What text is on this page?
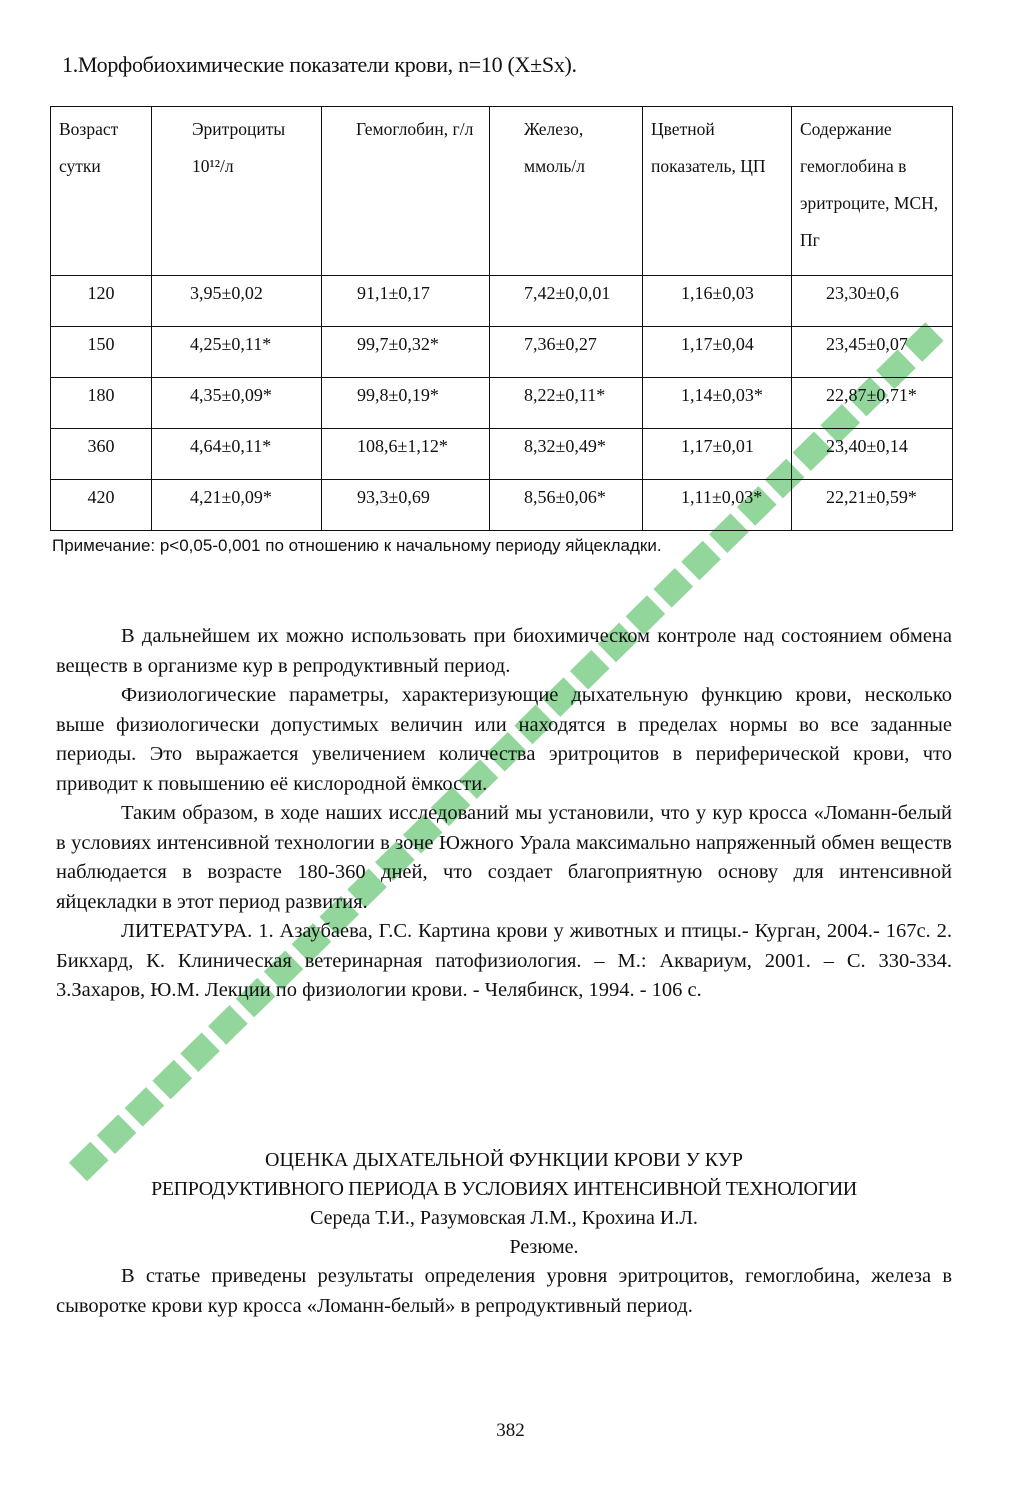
1.Морфобиохимические показатели крови, n=10 (X±Sx).
Возраст сутки	Эритроциты 10¹²/л	Гемоглобин, г/л	Железо, ммоль/л	Цветной показатель, ЦП	Содержание гемоглобина в эритроците, МСН, Пг
120	3,95±0,02	91,1±0,17	7,42±0,0,01	1,16±0,03	23,30±0,6
150	4,25±0,11*	99,7±0,32*	7,36±0,27	1,17±0,04	23,45±0,07
180	4,35±0,09*	99,8±0,19*	8,22±0,11*	1,14±0,03*	22,87±0,71*
360	4,64±0,11*	108,6±1,12*	8,32±0,49*	1,17±0,01	23,40±0,14
420	4,21±0,09*	93,3±0,69	8,56±0,06*	1,11±0,03*	22,21±0,59*
Примечание: p<0,05-0,001 по отношению к начальному периоду яйцекладки.

В дальнейшем их можно использовать при биохимическом контроле над состоянием обмена веществ в организме кур в репродуктивный период.

Физиологические параметры, характеризующие дыхательную функцию крови, несколько выше физиологически допустимых величин или находятся в пределах нормы во все заданные периоды. Это выражается увеличением количества эритроцитов в периферической крови, что приводит к повышению её кислородной ёмкости.

Таким образом, в ходе наших исследований мы установили, что у кур кросса «Ломанн-белый в условиях интенсивной технологии в зоне Южного Урала максимально напряженный обмен веществ наблюдается в возрасте 180-360 дней, что создает благоприятную основу для интенсивной яйцекладки в этот период развития.

ЛИТЕРАТУРА. 1. Азаубаева, Г.С. Картина крови у животных и птицы.- Курган, 2004.- 167с. 2. Бикхард, К. Клиническая ветеринарная патофизиология. – М.: Аквариум, 2001. – С. 330-334. 3.Захаров, Ю.М. Лекции по физиологии крови. - Челябинск, 1994. - 106 с.

ОЦЕНКА ДЫХАТЕЛЬНОЙ ФУНКЦИИ КРОВИ У КУР
РЕПРОДУКТИВНОГО ПЕРИОДА В УСЛОВИЯХ ИНТЕНСИВНОЙ ТЕХНОЛОГИИ
Середа Т.И., Разумовская Л.М., Крохина И.Л.
Резюме.

В статье приведены результаты определения уровня эритроцитов, гемоглобина, железа в сыворотке крови кур кросса «Ломанн-белый» в репродуктивный период.

382
